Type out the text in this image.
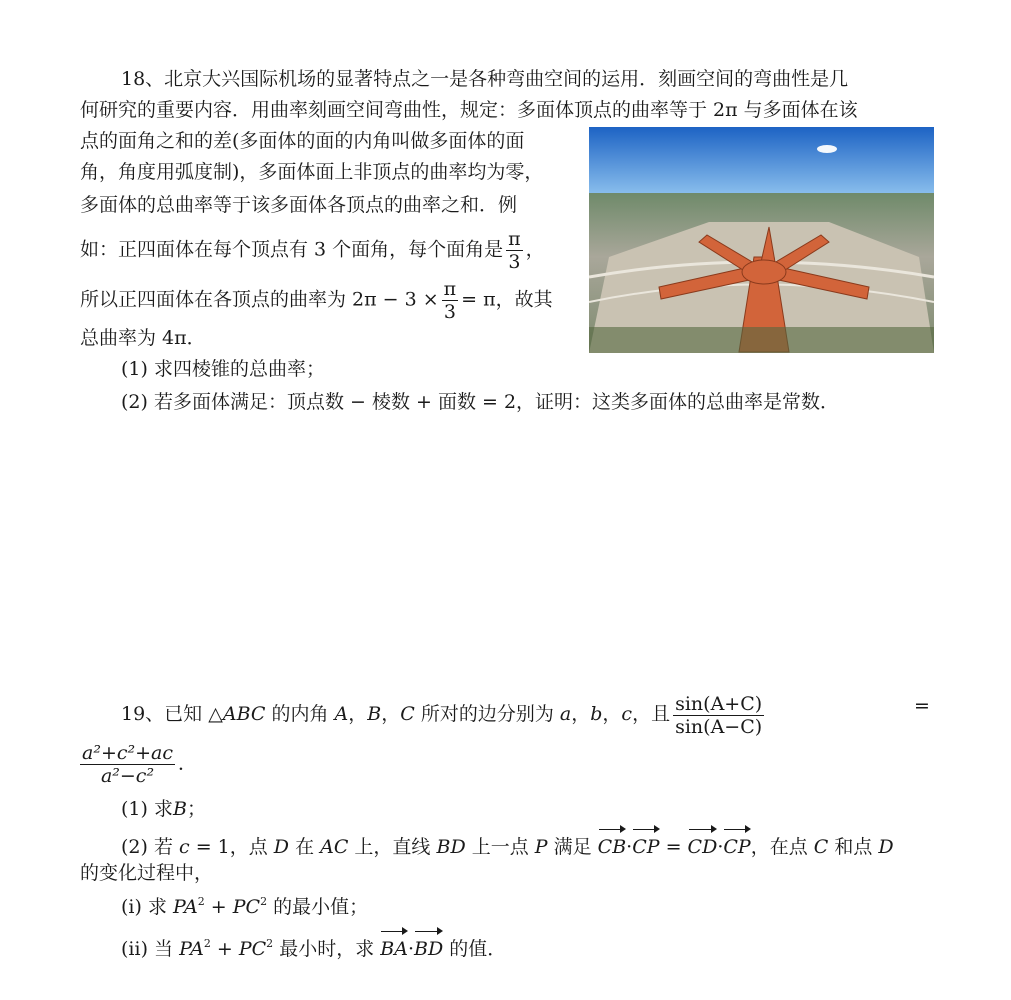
18、北京大兴国际机场的显著特点之一是各种弯曲空间的运用．刻画空间的弯曲性是几
何研究的重要内容．用曲率刻画空间弯曲性，规定：多面体顶点的曲率等于 2π 与多面体在该
点的面角之和的差(多面体的面的内角叫做多面体的面
角，角度用弧度制)，多面体面上非顶点的曲率均为零，
多面体的总曲率等于该多面体各顶点的曲率之和．例
如：正四面体在每个顶点有 3 个面角，每个面角是 $\frac{\pi}{3}$ ，
所以正四面体在各顶点的曲率为 $2\pi - 3 \times \frac{\pi}{3} = \pi$，故其
总曲率为 4π．
(1) 求四棱锥的总曲率；
(2) 若多面体满足：顶点数 − 棱数 + 面数 = 2，证明：这类多面体的总曲率是常数．
19、已知 △ABC 的内角 A，B，C 所对的边分别为 a，b，c，且 $\frac{\sin(A+C)}{\sin(A-C)}$	=
$\frac{\text{a²+c²+ac}}{\text{a²−c²}}$ ．
(1) 求B；
(2) 若 c = 1，点 D 在 AC 上，直线 BD 上一点 P 满足 CB·CP = CD·CP，在点 C 和点 D
的变化过程中，
(ⅰ) 求 $PA^2 + PC^2$ 的最小值；
(ⅱ) 当 $PA^2 + PC^2$ 最小时，求 BA·BD 的值．
